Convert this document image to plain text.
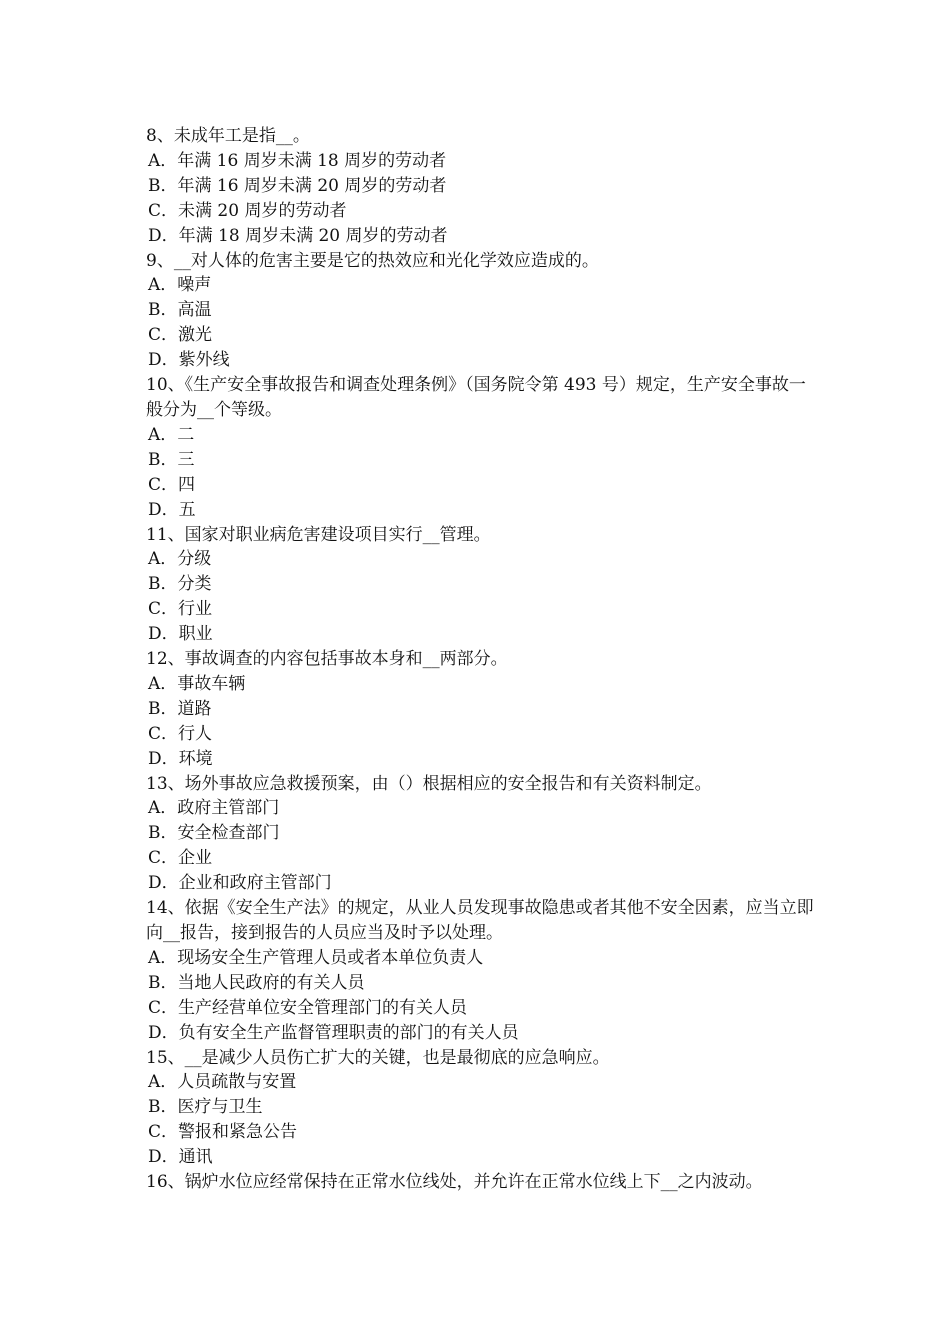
8、未成年工是指__。

A．年满 16 周岁未满 18 周岁的劳动者

B．年满 16 周岁未满 20 周岁的劳动者

C．未满 20 周岁的劳动者

D．年满 18 周岁未满 20 周岁的劳动者

9、__对人体的危害主要是它的热效应和光化学效应造成的。

A．噪声

B．高温

C．激光

D．紫外线

10、《生产安全事故报告和调查处理条例》（国务院令第 493 号）规定，生产安全事故一般分为__个等级。

A．二

B．三

C．四

D．五

11、国家对职业病危害建设项目实行__管理。

A．分级

B．分类

C．行业

D．职业

12、事故调查的内容包括事故本身和__两部分。

A．事故车辆

B．道路

C．行人

D．环境

13、场外事故应急救援预案，由（）根据相应的安全报告和有关资料制定。

A．政府主管部门

B．安全检查部门

C．企业

D．企业和政府主管部门

14、依据《安全生产法》的规定，从业人员发现事故隐患或者其他不安全因素，应当立即向__报告，接到报告的人员应当及时予以处理。

A．现场安全生产管理人员或者本单位负责人

B．当地人民政府的有关人员

C．生产经营单位安全管理部门的有关人员

D．负有安全生产监督管理职责的部门的有关人员

15、__是减少人员伤亡扩大的关键，也是最彻底的应急响应。

A．人员疏散与安置

B．医疗与卫生

C．警报和紧急公告

D．通讯

16、锅炉水位应经常保持在正常水位线处，并允许在正常水位线上下__之内波动。
